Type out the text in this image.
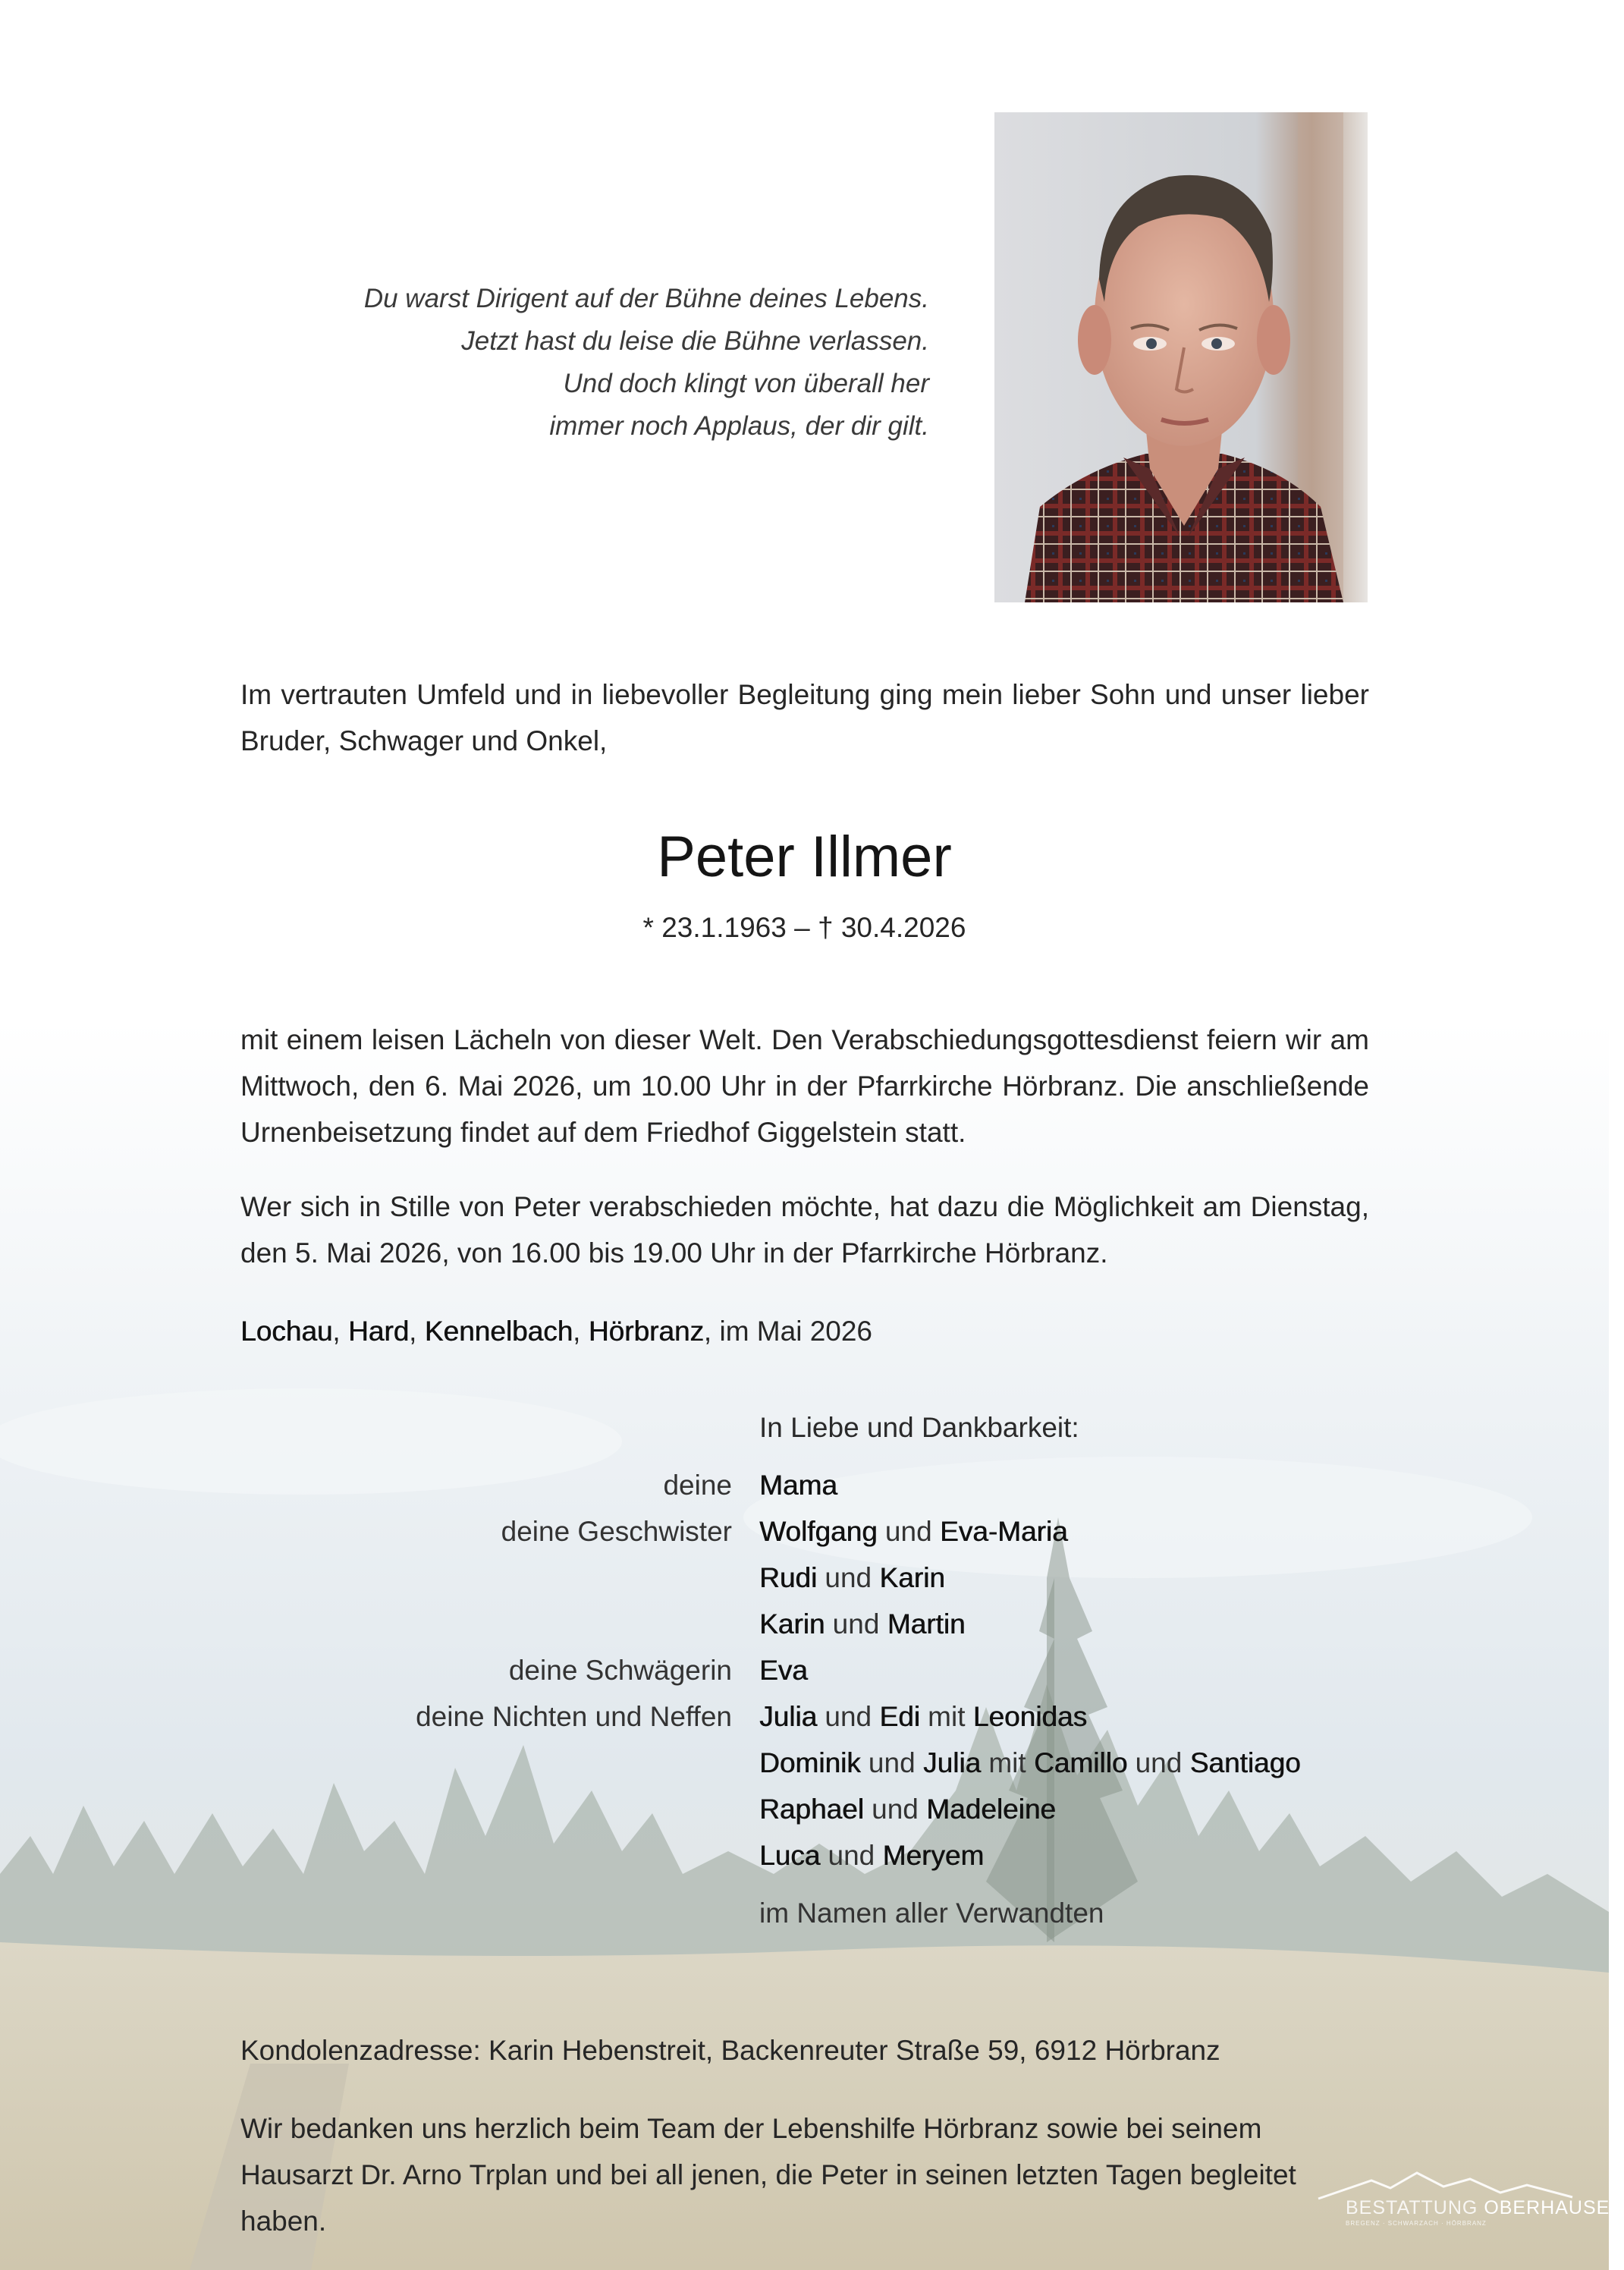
Du warst Dirigent auf der Bühne deines Lebens.
Jetzt hast du leise die Bühne verlassen.
Und doch klingt von überall her
immer noch Applaus, der dir gilt.
Im vertrauten Umfeld und in liebevoller Begleitung ging mein lieber Sohn und unser lieber Bruder, Schwager und Onkel,
Peter Illmer
* 23.1.1963 – † 30.4.2026
mit einem leisen Lächeln von dieser Welt. Den Verabschiedungsgottesdienst feiern wir am Mittwoch, den 6. Mai 2026, um 10.00 Uhr in der Pfarrkirche Hörbranz. Die anschließende Urnenbeisetzung findet auf dem Friedhof Giggelstein statt.
Wer sich in Stille von Peter verabschieden möchte, hat dazu die Möglichkeit am Dienstag, den 5. Mai 2026, von 16.00 bis 19.00 Uhr in der Pfarrkirche Hörbranz.
Lochau, Hard, Kennelbach, Hörbranz, im Mai 2026
In Liebe und Dankbarkeit:
deine Mama
deine Geschwister Wolfgang und Eva-Maria
Rudi und Karin
Karin und Martin
deine Schwägerin Eva
deine Nichten und Neffen Julia und Edi mit Leonidas
Dominik und Julia mit Camillo und Santiago
Raphael und Madeleine
Luca und Meryem
im Namen aller Verwandten
Kondolenzadresse: Karin Hebenstreit, Backenreuter Straße 59, 6912 Hörbranz
Wir bedanken uns herzlich beim Team der Lebenshilfe Hörbranz sowie bei seinem Hausarzt Dr. Arno Trplan und bei all jenen, die Peter in seinen letzten Tagen begleitet haben.	BESTATTUNG OBERHAUSER
BREGENZ · SCHWARZACH · HÖRBRANZ
